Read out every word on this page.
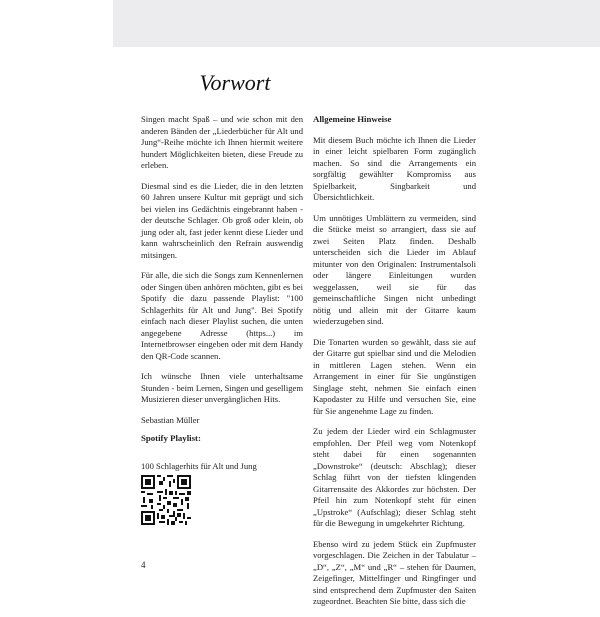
Vorwort

Singen macht Spaß – und wie schon mit den anderen Bänden der „Liederbücher für Alt und Jung“-Reihe möchte ich Ihnen hiermit weitere hundert Möglichkeiten bieten, diese Freude zu erleben.

Diesmal sind es die Lieder, die in den letzten 60 Jahren unsere Kultur mit geprägt und sich bei vielen ins Gedächtnis eingebrannt haben - der deutsche Schlager. Ob groß oder klein, ob jung oder alt, fast jeder kennt diese Lieder und kann wahrscheinlich den Refrain auswendig mitsingen.

Für alle, die sich die Songs zum Kennenlernen oder Singen üben anhören möchten, gibt es bei Spotify die dazu passende Playlist: "100 Schlagerhits für Alt und Jung". Bei Spotify einfach nach dieser Playlist suchen, die unten angegebene Adresse (https...) im Internetbrowser eingeben oder mit dem Handy den QR-Code scannen.

Ich wünsche Ihnen viele unterhaltsame Stunden - beim Lernen, Singen und geselligem Musizieren dieser unvergänglichen Hits.

Sebastian Müller

Spotify Playlist:

100 Schlagerhits für Alt und Jung

Allgemeine Hinweise

Mit diesem Buch möchte ich Ihnen die Lieder in einer leicht spielbaren Form zugänglich machen. So sind die Arrangements ein sorgfältig gewählter Kompromiss aus Spielbarkeit, Singbarkeit und Übersichtlichkeit.

Um unnötiges Umblättern zu vermeiden, sind die Stücke meist so arrangiert, dass sie auf zwei Seiten Platz finden. Deshalb unterscheiden sich die Lieder im Ablauf mitunter von den Originalen: Instrumentalsoli oder längere Einleitungen wurden weggelassen, weil sie für das gemeinschaftliche Singen nicht unbedingt nötig und allein mit der Gitarre kaum wiederzugeben sind.

Die Tonarten wurden so gewählt, dass sie auf der Gitarre gut spielbar sind und die Melodien in mittleren Lagen stehen. Wenn ein Arrangement in einer für Sie ungünstigen Singlage steht, nehmen Sie einfach einen Kapodaster zu Hilfe und versuchen Sie, eine für Sie angenehme Lage zu finden.

Zu jedem der Lieder wird ein Schlagmuster empfohlen. Der Pfeil weg vom Notenkopf steht dabei für einen sogenannten „Downstroke“ (deutsch: Abschlag); dieser Schlag führt von der tiefsten klingenden Gitarrensaite des Akkordes zur höchsten. Der Pfeil hin zum Notenkopf steht für einen „Upstroke“ (Aufschlag); dieser Schlag steht für die Bewegung in umgekehrter Richtung.

Ebenso wird zu jedem Stück ein Zupfmuster vorgeschlagen. Die Zeichen in der Tabulatur – „D“, „Z“, „M“ und „R“ – stehen für Daumen, Zeigefinger, Mittelfinger und Ringfinger und sind entsprechend dem Zupfmuster den Saiten zugeordnet. Beachten Sie bitte, dass sich die

4
